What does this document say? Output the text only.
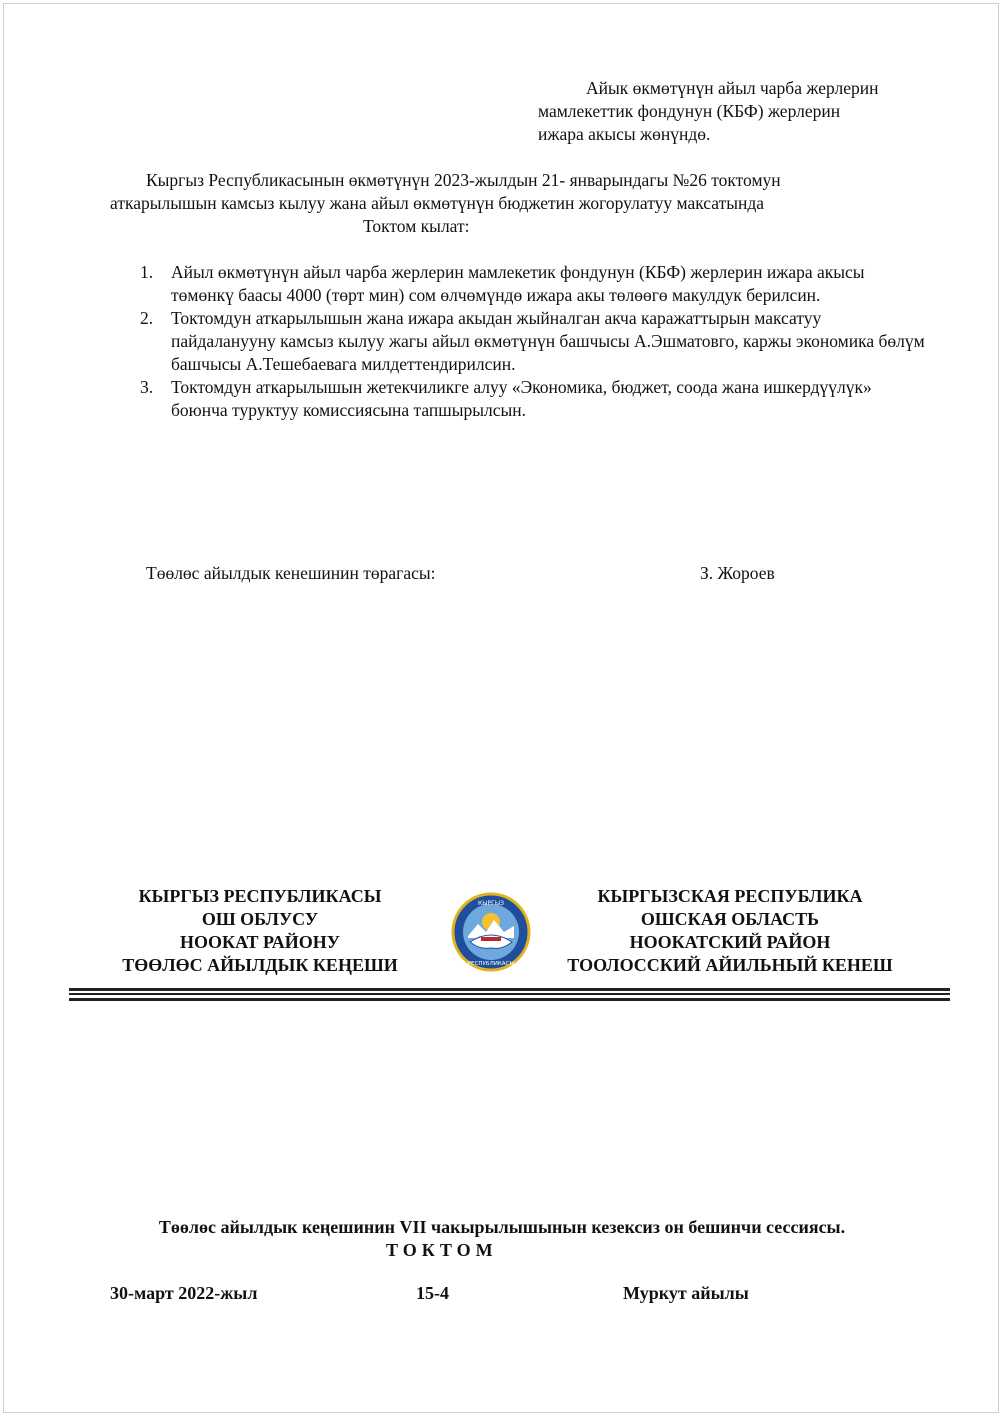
Айык өкмөтүнүн айыл чарба жерлерин
мамлекеттик фондунун (КБФ) жерлерин
ижара акысы жөнүндө.
Кыргыз Республикасынын өкмөтүнүн 2023-жылдын 21- январындагы №26 токтомун
аткарылышын камсыз кылуу жана айыл өкмөтүнүн бюджетин жогорулатуу максатында
Токтом кылат:
1. Айыл өкмөтүнүн айыл чарба жерлерин мамлекетик фондунун (КБФ) жерлерин ижара акысы төмөнкү баасы 4000 (төрт мин) сом өлчөмүндө ижара акы төлөөгө макулдук берилсин.
2. Токтомдун аткарылышын жана ижара акыдан жыйналган акча каражаттырын максатуу пайдаланууну камсыз кылуу жагы айыл өкмөтүнүн башчысы А.Эшматовго, каржы экономика бөлүм башчысы А.Тешебаевага милдеттендирилсин.
3. Токтомдун аткарылышын жетекчиликге алуу «Экономика, бюджет, соода жана ишкердүүлүк» боюнча туруктуу комиссиясына тапшырылсын.
Төөлөс айылдык кенешинин төрагасы:	З. Жороев
КЫРГЫЗ РЕСПУБЛИКАСЫ
ОШ ОБЛУСУ
НООКАТ РАЙОНУ
ТӨӨЛӨС АЙЫЛДЫК КЕҢЕШИ
КЫРГЫЗ
РЕСПУБЛИКАСЫ
КЫРГЫЗСКАЯ РЕСПУБЛИКА
ОШСКАЯ ОБЛАСТЬ
НООКАТСКИЙ РАЙОН
ТООЛОССКИЙ АЙИЛЬНЫЙ КЕНЕШ
Төөлөс айылдык кеңешинин VII чакырылышынын кезексиз он бешинчи сессиясы.
ТОКТОМ
30-март 2022-жыл	15-4	Муркут айылы
